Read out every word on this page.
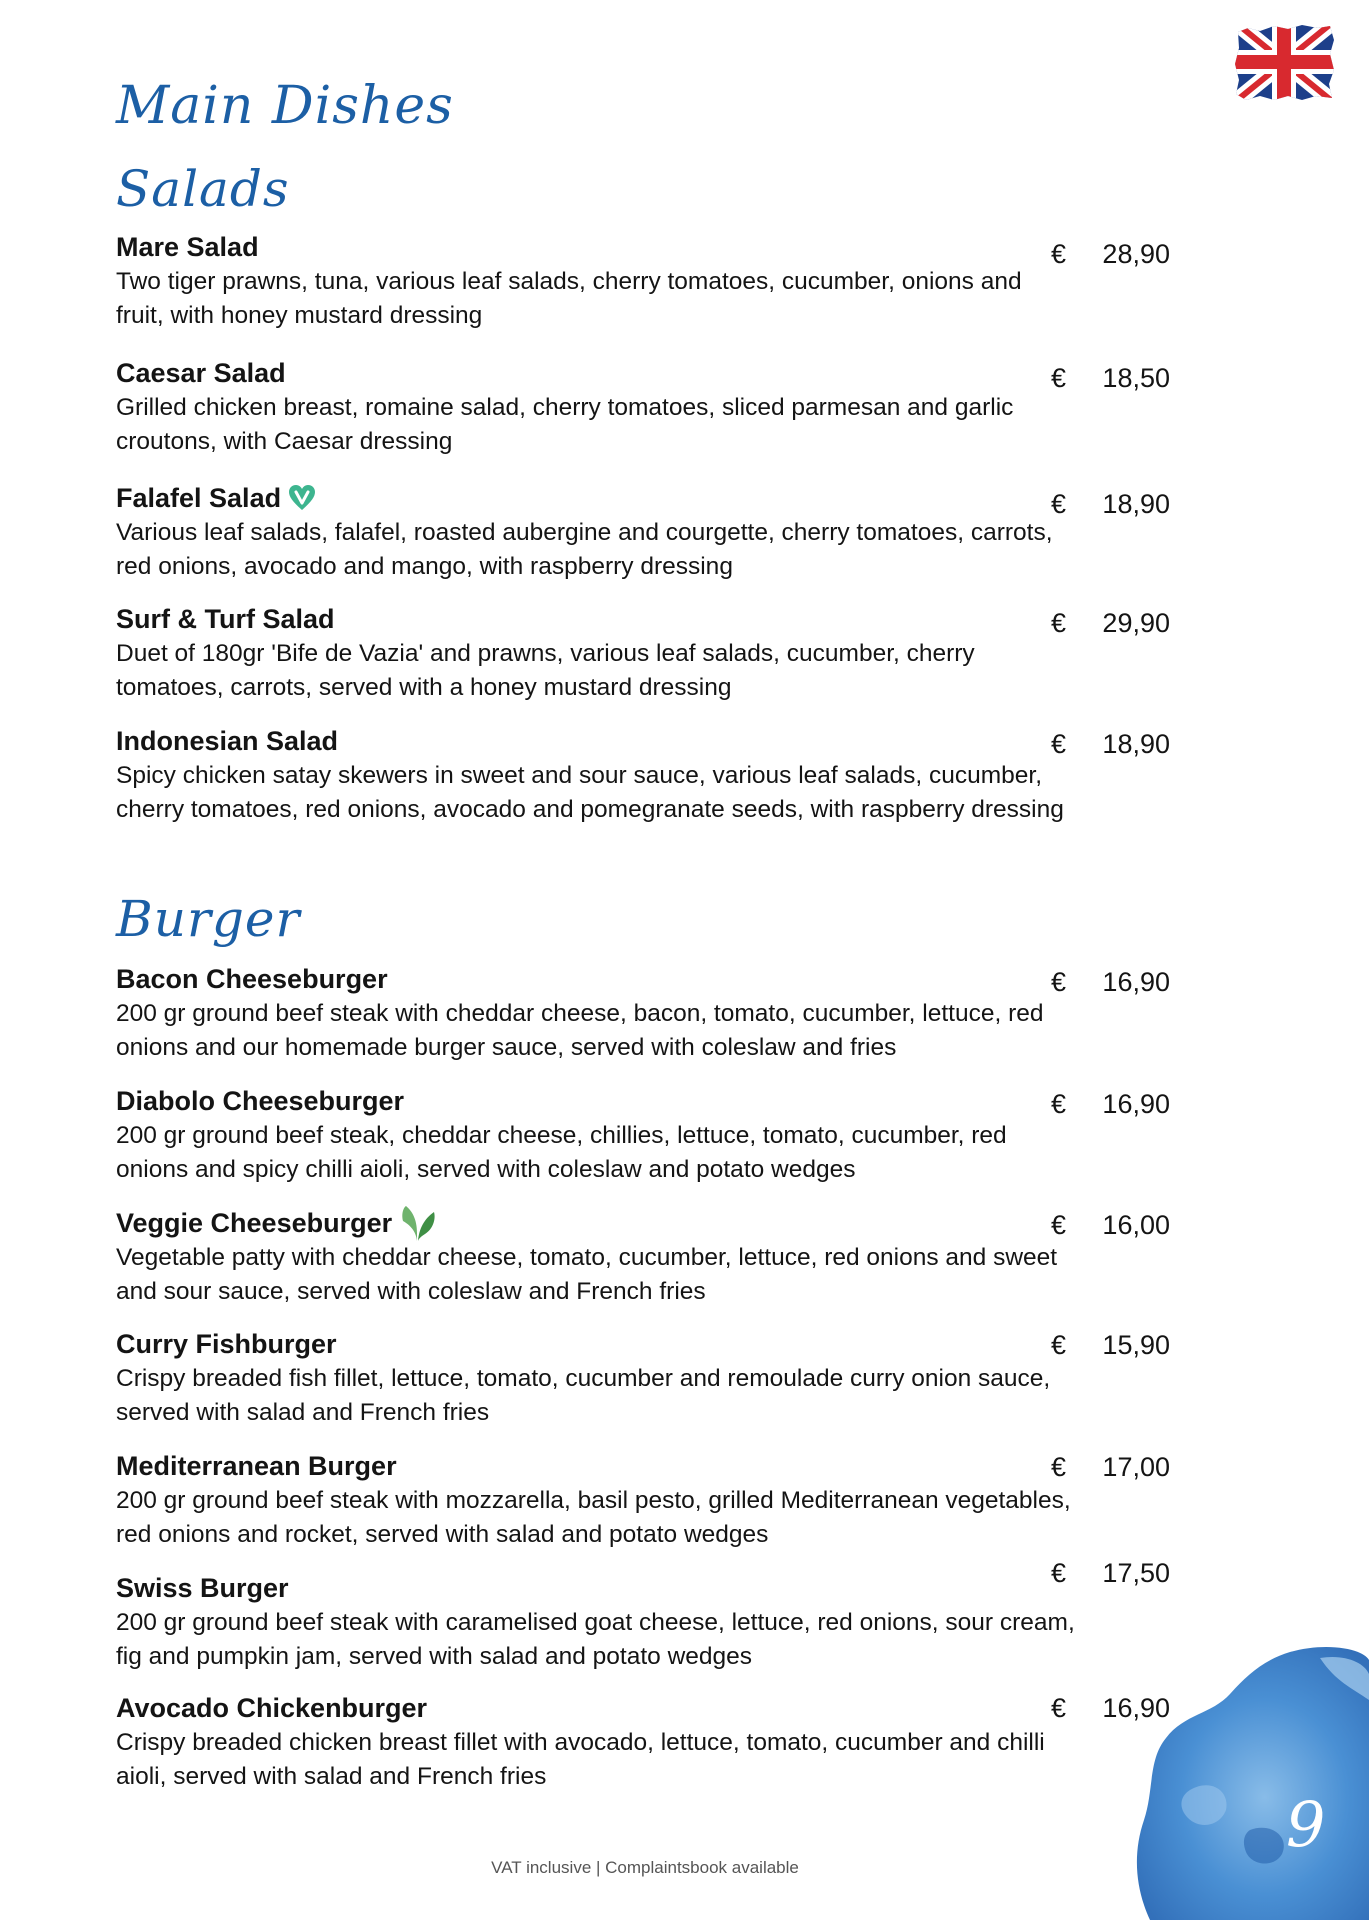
Main Dishes
Salads
Mare Salad
Two tiger prawns, tuna, various leaf salads, cherry tomatoes, cucumber, onions and fruit, with honey mustard dressing
€ 28,90
Caesar Salad
Grilled chicken breast, romaine salad, cherry tomatoes, sliced parmesan and garlic croutons, with Caesar dressing
€ 18,50
Falafel Salad
Various leaf salads, falafel, roasted aubergine and courgette, cherry tomatoes, carrots, red onions, avocado and mango, with raspberry dressing
€ 18,90
Surf & Turf Salad
Duet of 180gr 'Bife de Vazia' and prawns, various leaf salads, cucumber, cherry tomatoes, carrots, served with a honey mustard dressing
€ 29,90
Indonesian Salad
Spicy chicken satay skewers in sweet and sour sauce, various leaf salads, cucumber, cherry tomatoes, red onions, avocado and pomegranate seeds, with raspberry dressing
€ 18,90
Burger
Bacon Cheeseburger
200 gr ground beef steak with cheddar cheese, bacon, tomato, cucumber, lettuce, red onions and our homemade burger sauce, served with coleslaw and fries
€ 16,90
Diabolo Cheeseburger
200 gr ground beef steak, cheddar cheese, chillies, lettuce, tomato, cucumber, red onions and spicy chilli aioli, served with coleslaw and potato wedges
€ 16,90
Veggie Cheeseburger
Vegetable patty with cheddar cheese, tomato, cucumber, lettuce, red onions and sweet and sour sauce, served with coleslaw and French fries
€ 16,00
Curry Fishburger
Crispy breaded fish fillet, lettuce, tomato, cucumber and remoulade curry onion sauce, served with salad and French fries
€ 15,90
Mediterranean Burger
200 gr ground beef steak with mozzarella, basil pesto, grilled Mediterranean vegetables, red onions and rocket, served with salad and potato wedges
€ 17,00
Swiss Burger
200 gr ground beef steak with caramelised goat cheese, lettuce, red onions, sour cream, fig and pumpkin jam, served with salad and potato wedges
€ 17,50
Avocado Chickenburger
Crispy breaded chicken breast fillet with avocado, lettuce, tomato, cucumber and chilli aioli, served with salad and French fries
€ 16,90
9
VAT inclusive | Complaintsbook available
